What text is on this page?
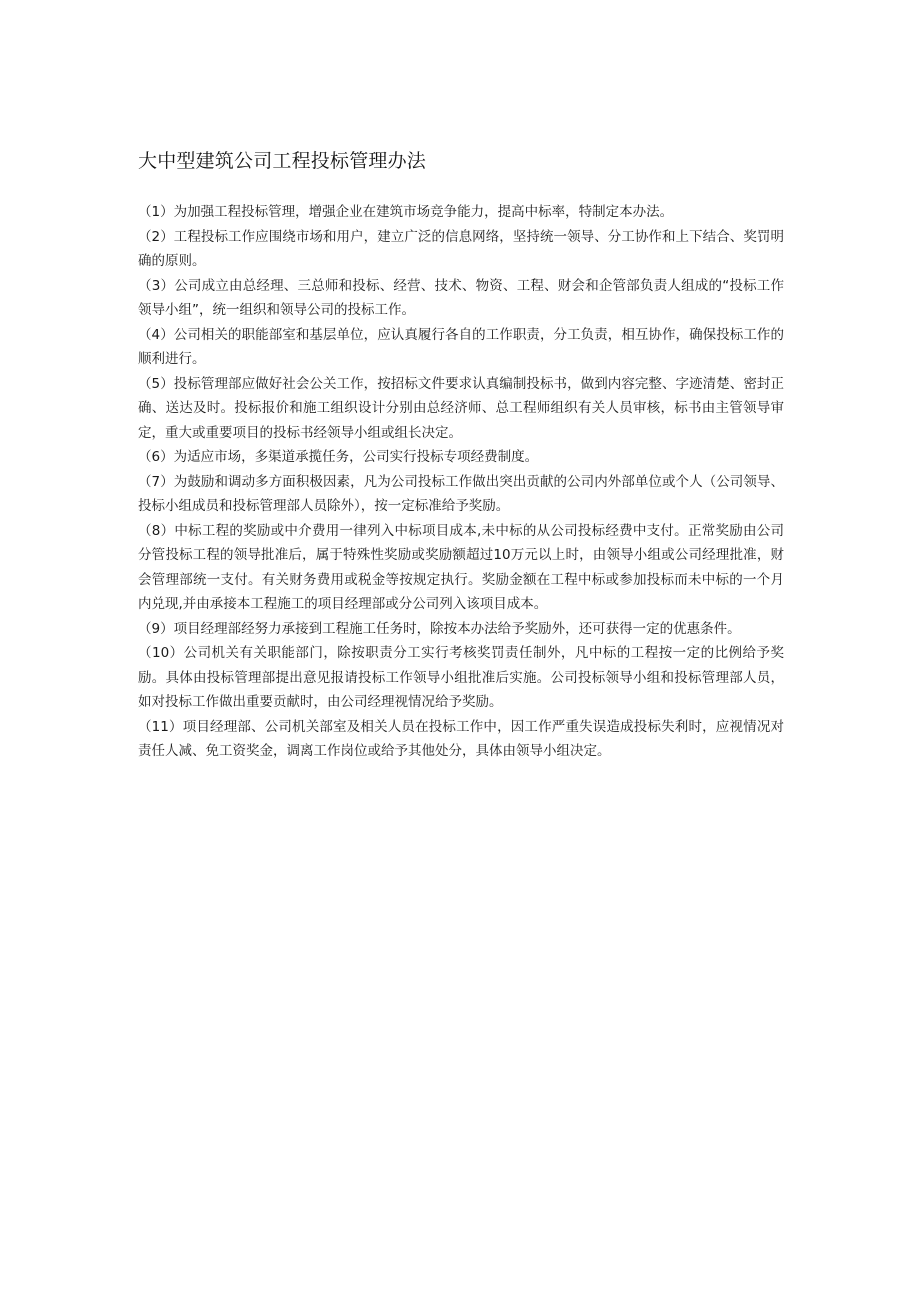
大中型建筑公司工程投标管理办法

（1）为加强工程投标管理，增强企业在建筑市场竞争能力，提高中标率，特制定本办法。

（2）工程投标工作应围绕市场和用户，建立广泛的信息网络，坚持统一领导、分工协作和上下结合、奖罚明确的原则。

（3）公司成立由总经理、三总师和投标、经营、技术、物资、工程、财会和企管部负责人组成的“投标工作领导小组”，统一组织和领导公司的投标工作。

（4）公司相关的职能部室和基层单位，应认真履行各自的工作职责，分工负责，相互协作，确保投标工作的顺利进行。

（5）投标管理部应做好社会公关工作，按招标文件要求认真编制投标书，做到内容完整、字迹清楚、密封正确、送达及时。投标报价和施工组织设计分别由总经济师、总工程师组织有关人员审核，标书由主管领导审定，重大或重要项目的投标书经领导小组或组长决定。

（6）为适应市场，多渠道承揽任务，公司实行投标专项经费制度。

（7）为鼓励和调动多方面积极因素，凡为公司投标工作做出突出贡献的公司内外部单位或个人（公司领导、投标小组成员和投标管理部人员除外），按一定标准给予奖励。

（8）中标工程的奖励或中介费用一律列入中标项目成本,未中标的从公司投标经费中支付。正常奖励由公司分管投标工程的领导批准后，属于特殊性奖励或奖励额超过10万元以上时，由领导小组或公司经理批准，财会管理部统一支付。有关财务费用或税金等按规定执行。奖励金额在工程中标或参加投标而未中标的一个月内兑现,并由承接本工程施工的项目经理部或分公司列入该项目成本。

（9）项目经理部经努力承接到工程施工任务时，除按本办法给予奖励外，还可获得一定的优惠条件。

（10）公司机关有关职能部门，除按职责分工实行考核奖罚责任制外，凡中标的工程按一定的比例给予奖励。具体由投标管理部提出意见报请投标工作领导小组批准后实施。公司投标领导小组和投标管理部人员，如对投标工作做出重要贡献时，由公司经理视情况给予奖励。

（11）项目经理部、公司机关部室及相关人员在投标工作中，因工作严重失误造成投标失利时，应视情况对责任人减、免工资奖金，调离工作岗位或给予其他处分，具体由领导小组决定。
